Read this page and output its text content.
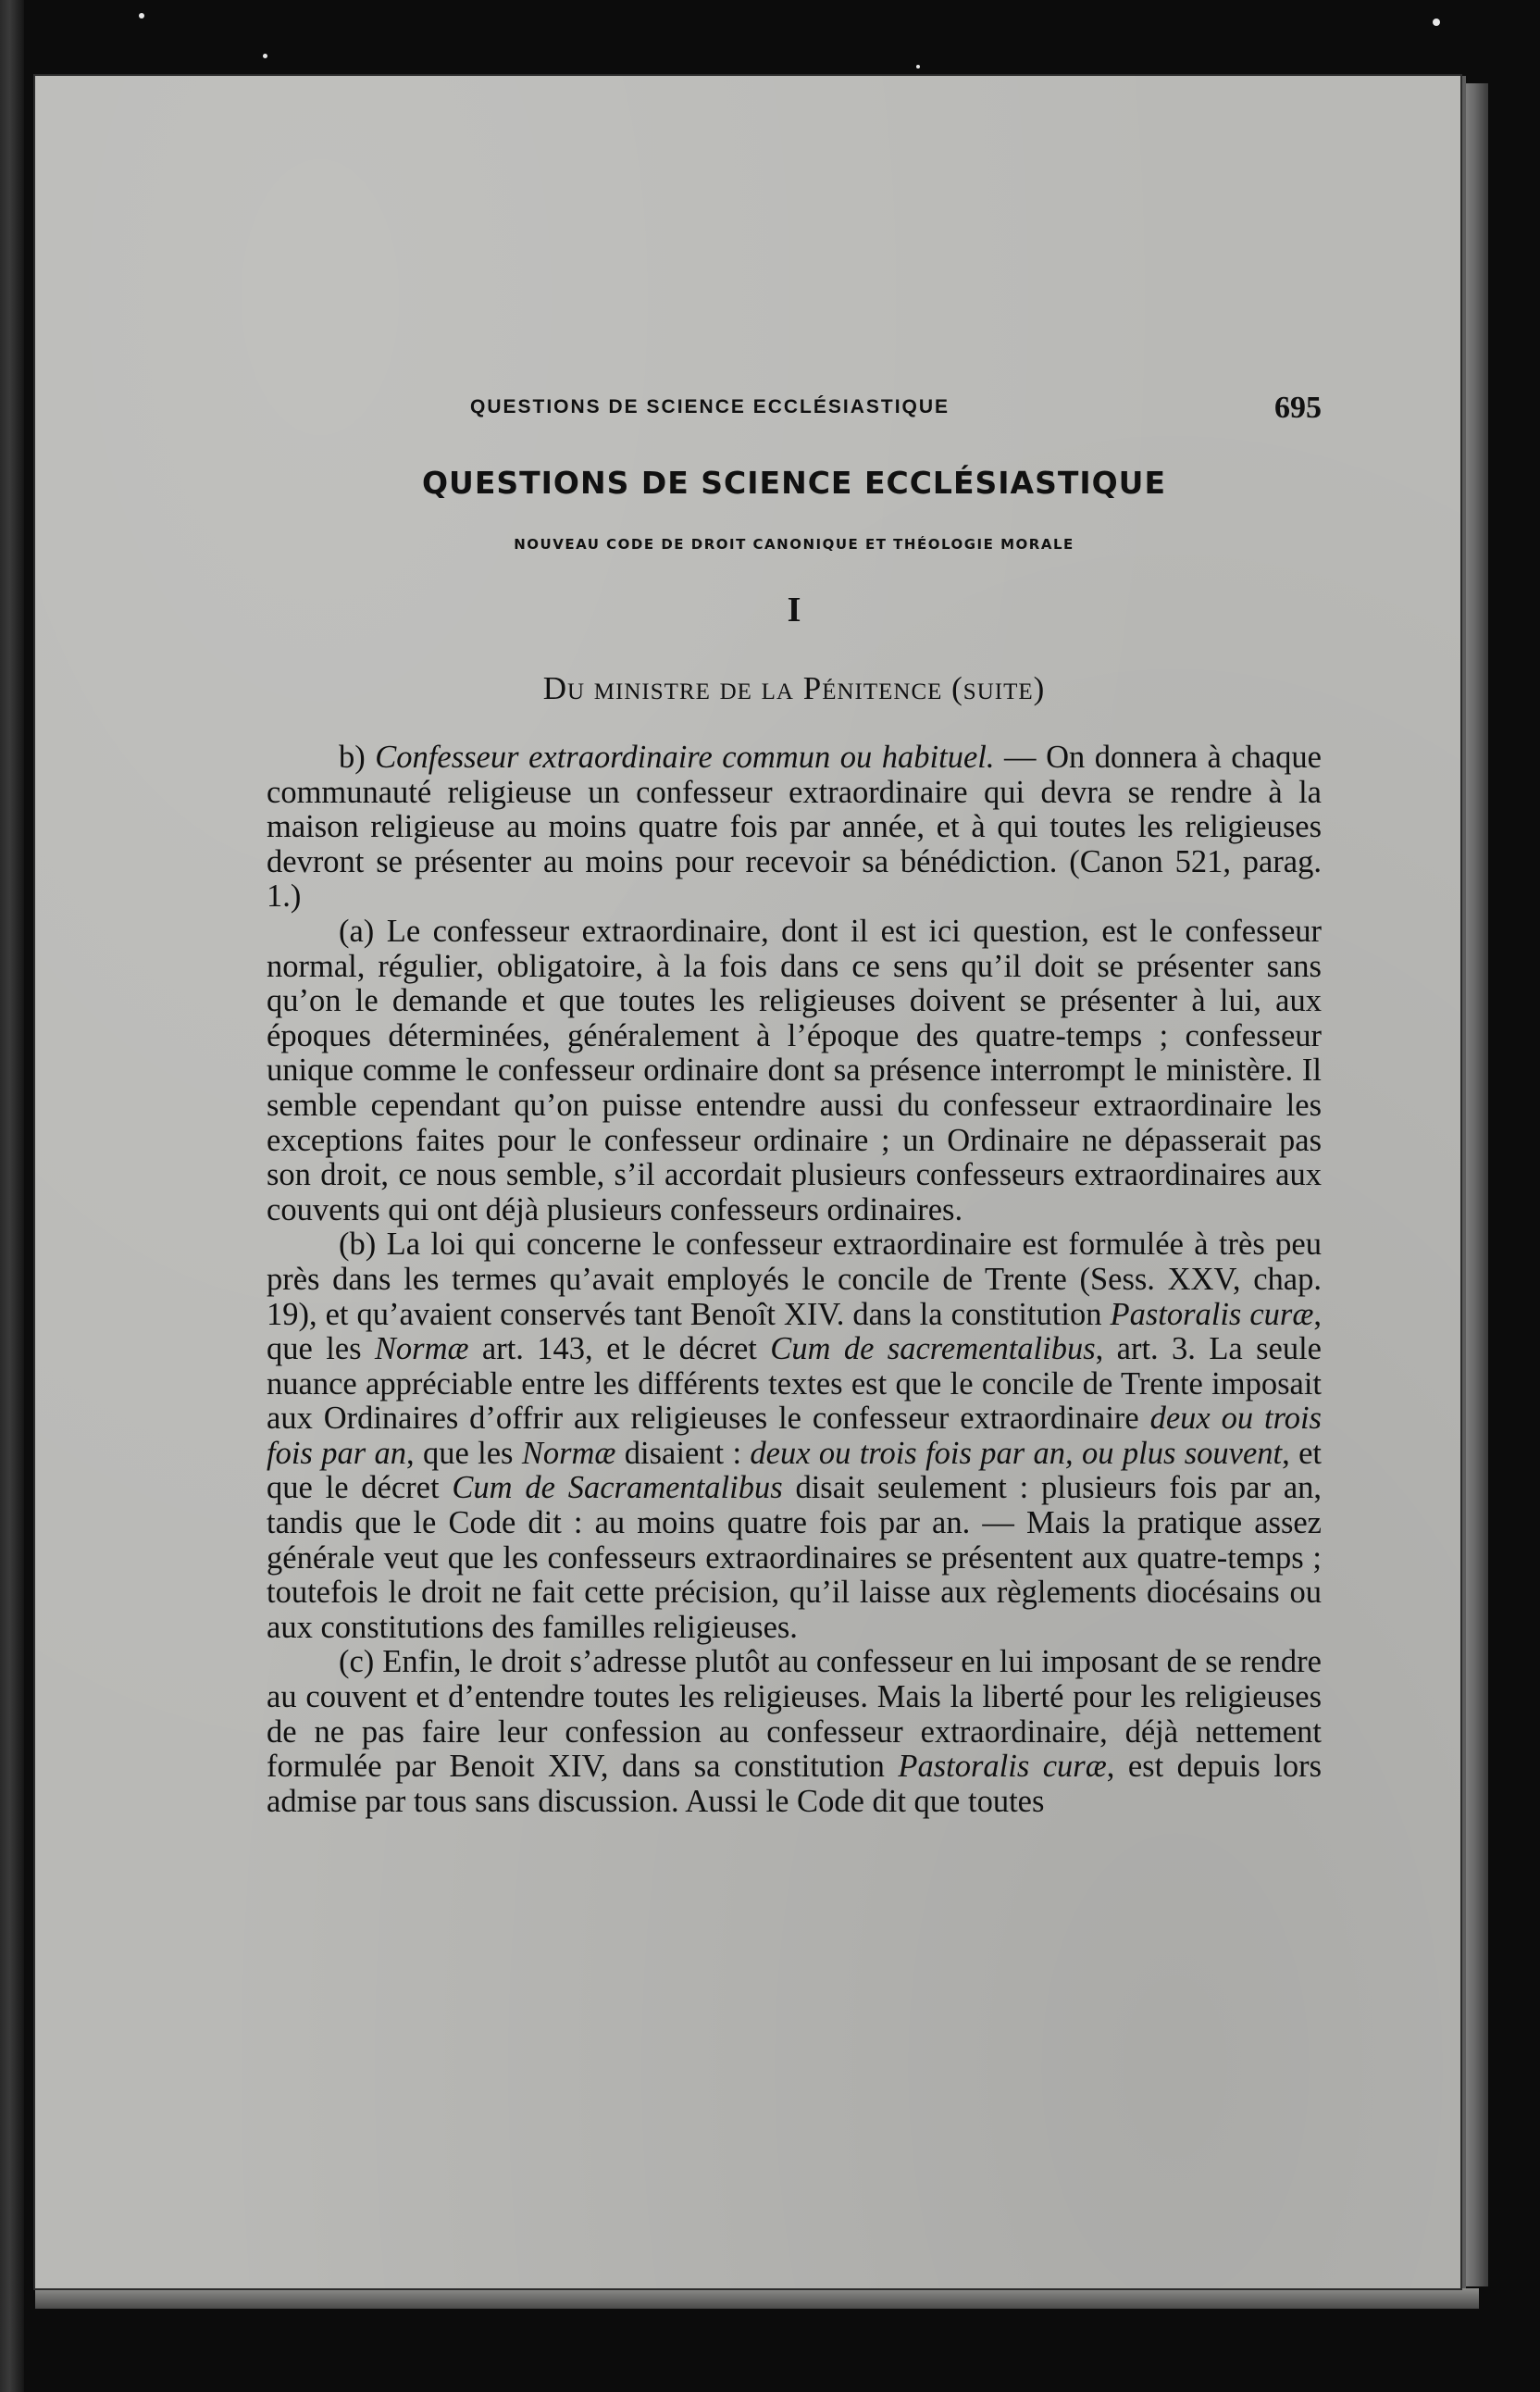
QUESTIONS DE SCIENCE ECCLÉSIASTIQUE	695
QUESTIONS DE SCIENCE ECCLÉSIASTIQUE
NOUVEAU CODE DE DROIT CANONIQUE ET THÉOLOGIE MORALE
I
Du ministre de la Pénitence (suite)

b) Confesseur extraordinaire commun ou habituel. — On donnera à chaque communauté religieuse un confesseur extraordinaire qui devra se rendre à la maison religieuse au moins quatre fois par année, et à qui toutes les religieuses devront se présenter au moins pour recevoir sa bénédiction. (Canon 521, parag. 1.)

(a) Le confesseur extraordinaire, dont il est ici question, est le confesseur normal, régulier, obligatoire, à la fois dans ce sens qu’il doit se présenter sans qu’on le demande et que toutes les religieuses doivent se présenter à lui, aux époques déterminées, généralement à l’époque des quatre-temps ; confesseur unique comme le confesseur ordinaire dont sa présence interrompt le ministère. Il semble cependant qu’on puisse entendre aussi du confesseur extraordinaire les exceptions faites pour le confesseur ordinaire ; un Ordinaire ne dépasserait pas son droit, ce nous semble, s’il accordait plusieurs confesseurs extraordinaires aux couvents qui ont déjà plusieurs confesseurs ordinaires.

(b) La loi qui concerne le confesseur extraordinaire est formulée à très peu près dans les termes qu’avait employés le concile de Trente (Sess. XXV, chap. 19), et qu’avaient conservés tant Benoît XIV. dans la constitution Pastoralis curæ, que les Normæ art. 143, et le décret Cum de sacrementalibus, art. 3. La seule nuance appréciable entre les différents textes est que le concile de Trente imposait aux Ordinaires d’offrir aux religieuses le confesseur extraordinaire deux ou trois fois par an, que les Normæ disaient : deux ou trois fois par an, ou plus souvent, et que le décret Cum de Sacramentalibus disait seulement : plusieurs fois par an, tandis que le Code dit : au moins quatre fois par an. — Mais la pratique assez générale veut que les confesseurs extraordinaires se présentent aux quatre-temps ; toutefois le droit ne fait cette précision, qu’il laisse aux règlements diocésains ou aux constitutions des familles religieuses.

(c) Enfin, le droit s’adresse plutôt au confesseur en lui imposant de se rendre au couvent et d’entendre toutes les religieuses. Mais la liberté pour les religieuses de ne pas faire leur confession au confesseur extraordinaire, déjà nettement formulée par Benoit XIV, dans sa constitution Pastoralis curæ, est depuis lors admise par tous sans discussion. Aussi le Code dit que toutes
